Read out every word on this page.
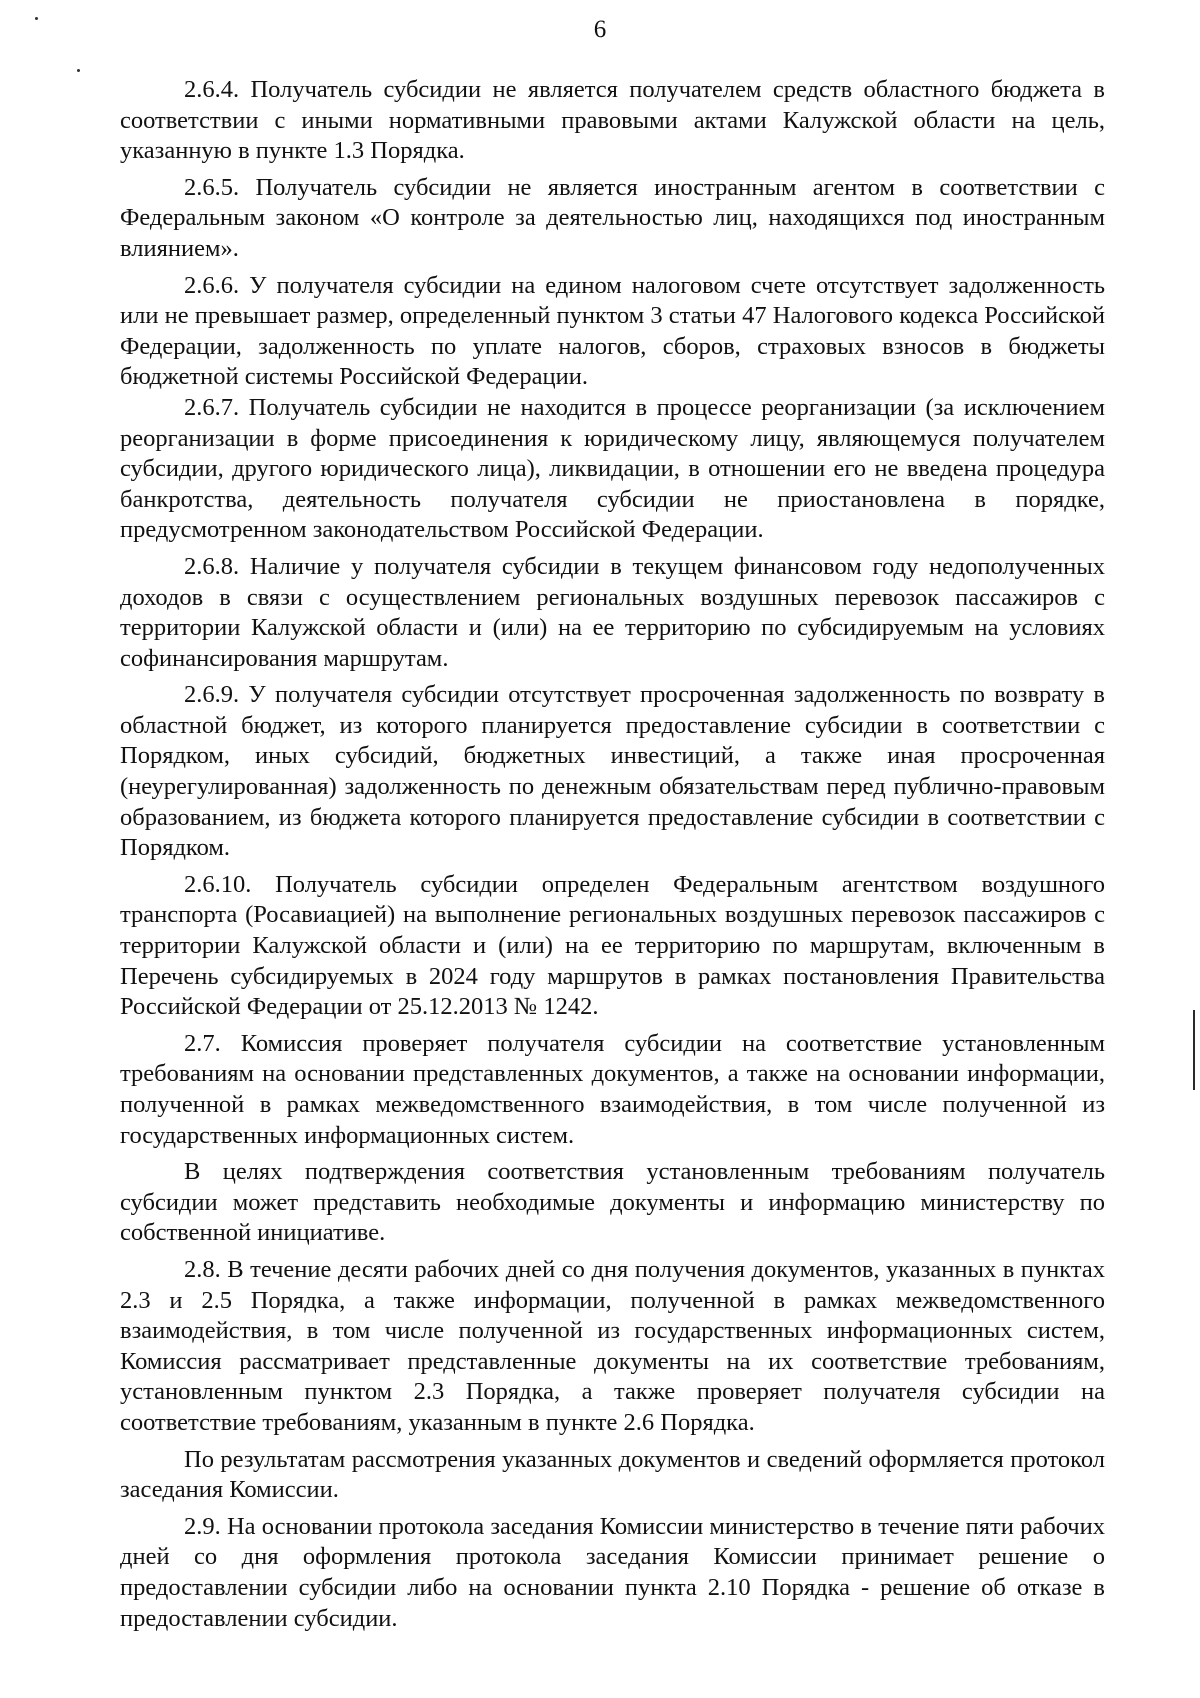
6

2.6.4. Получатель субсидии не является получателем средств областного бюджета в соответствии с иными нормативными правовыми актами Калужской области на цель, указанную в пункте 1.3 Порядка.

2.6.5. Получатель субсидии не является иностранным агентом в соответствии с Федеральным законом «О контроле за деятельностью лиц, находящихся под иностранным влиянием».

2.6.6. У получателя субсидии на едином налоговом счете отсутствует задолженность или не превышает размер, определенный пунктом 3 статьи 47 Налогового кодекса Российской Федерации, задолженность по уплате налогов, сборов, страховых взносов в бюджеты бюджетной системы Российской Федерации.

2.6.7. Получатель субсидии не находится в процессе реорганизации (за исключением реорганизации в форме присоединения к юридическому лицу, являющемуся получателем субсидии, другого юридического лица), ликвидации, в отношении его не введена процедура банкротства, деятельность получателя субсидии не приостановлена в порядке, предусмотренном законодательством Российской Федерации.

2.6.8. Наличие у получателя субсидии в текущем финансовом году недополученных доходов в связи с осуществлением региональных воздушных перевозок пассажиров с территории Калужской области и (или) на ее территорию по субсидируемым на условиях софинансирования маршрутам.

2.6.9. У получателя субсидии отсутствует просроченная задолженность по возврату в областной бюджет, из которого планируется предоставление субсидии в соответствии с Порядком, иных субсидий, бюджетных инвестиций, а также иная просроченная (неурегулированная) задолженность по денежным обязательствам перед публично-правовым образованием, из бюджета которого планируется предоставление субсидии в соответствии с Порядком.

2.6.10. Получатель субсидии определен Федеральным агентством воздушного транспорта (Росавиацией) на выполнение региональных воздушных перевозок пассажиров с территории Калужской области и (или) на ее территорию по маршрутам, включенным в Перечень субсидируемых в 2024 году маршрутов в рамках постановления Правительства Российской Федерации от 25.12.2013 № 1242.

2.7. Комиссия проверяет получателя субсидии на соответствие установленным требованиям на основании представленных документов, а также на основании информации, полученной в рамках межведомственного взаимодействия, в том числе полученной из государственных информационных систем.

В целях подтверждения соответствия установленным требованиям получатель субсидии может представить необходимые документы и информацию министерству по собственной инициативе.

2.8. В течение десяти рабочих дней со дня получения документов, указанных в пунктах 2.3 и 2.5 Порядка, а также информации, полученной в рамках межведомственного взаимодействия, в том числе полученной из государственных информационных систем, Комиссия рассматривает представленные документы на их соответствие требованиям, установленным пунктом 2.3 Порядка, а также проверяет получателя субсидии на соответствие требованиям, указанным в пункте 2.6 Порядка.

По результатам рассмотрения указанных документов и сведений оформляется протокол заседания Комиссии.

2.9. На основании протокола заседания Комиссии министерство в течение пяти рабочих дней со дня оформления протокола заседания Комиссии принимает решение о предоставлении субсидии либо на основании пункта 2.10 Порядка - решение об отказе в предоставлении субсидии.
